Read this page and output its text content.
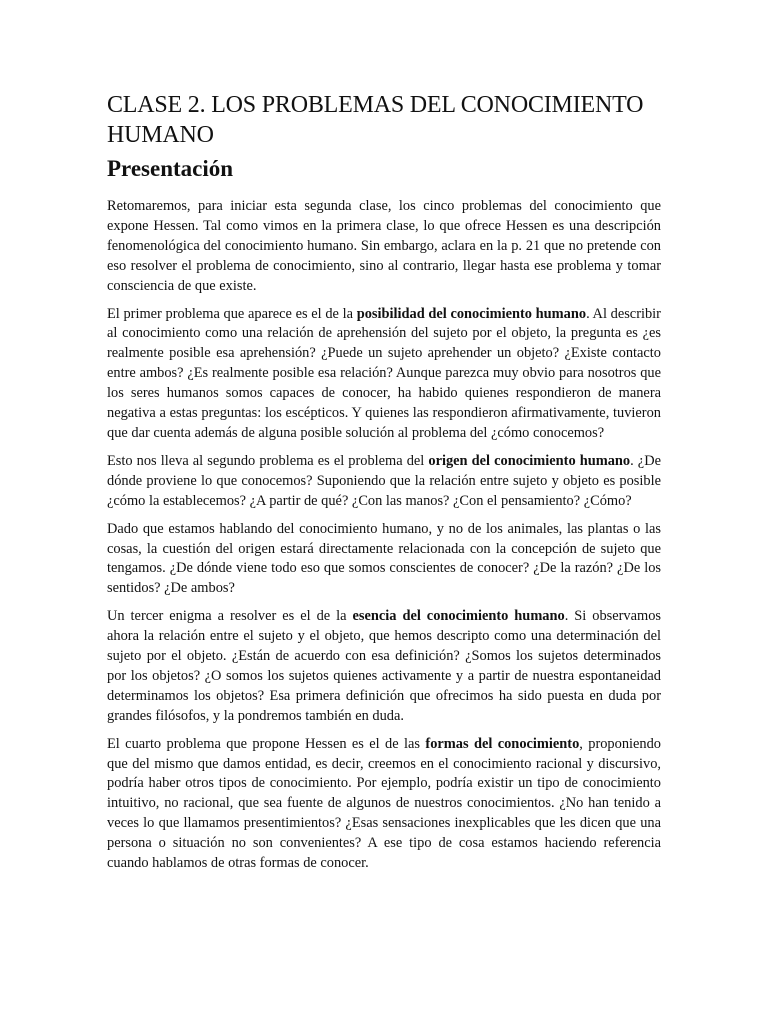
CLASE 2. LOS PROBLEMAS DEL CONOCIMIENTO HUMANO
Presentación

Retomaremos, para iniciar esta segunda clase, los cinco problemas del conocimiento que expone Hessen. Tal como vimos en la primera clase, lo que ofrece Hessen es una descripción fenomenológica del conocimiento humano. Sin embargo, aclara en la p. 21 que no pretende con eso resolver el problema de conocimiento, sino al contrario, llegar hasta ese problema y tomar consciencia de que existe.

El primer problema que aparece es el de la posibilidad del conocimiento humano. Al describir al conocimiento como una relación de aprehensión del sujeto por el objeto, la pregunta es ¿es realmente posible esa aprehensión? ¿Puede un sujeto aprehender un objeto? ¿Existe contacto entre ambos? ¿Es realmente posible esa relación? Aunque parezca muy obvio para nosotros que los seres humanos somos capaces de conocer, ha habido quienes respondieron de manera negativa a estas preguntas: los escépticos. Y quienes las respondieron afirmativamente, tuvieron que dar cuenta además de alguna posible solución al problema del ¿cómo conocemos?

Esto nos lleva al segundo problema es el problema del origen del conocimiento humano. ¿De dónde proviene lo que conocemos? Suponiendo que la relación entre sujeto y objeto es posible ¿cómo la establecemos? ¿A partir de qué? ¿Con las manos? ¿Con el pensamiento? ¿Cómo?

Dado que estamos hablando del conocimiento humano, y no de los animales, las plantas o las cosas, la cuestión del origen estará directamente relacionada con la concepción de sujeto que tengamos. ¿De dónde viene todo eso que somos conscientes de conocer? ¿De la razón? ¿De los sentidos? ¿De ambos?

Un tercer enigma a resolver es el de la esencia del conocimiento humano. Si observamos ahora la relación entre el sujeto y el objeto, que hemos descripto como una determinación del sujeto por el objeto. ¿Están de acuerdo con esa definición? ¿Somos los sujetos determinados por los objetos? ¿O somos los sujetos quienes activamente y a partir de nuestra espontaneidad determinamos los objetos? Esa primera definición que ofrecimos ha sido puesta en duda por grandes filósofos, y la pondremos también en duda.

El cuarto problema que propone Hessen es el de las formas del conocimiento, proponiendo que del mismo que damos entidad, es decir, creemos en el conocimiento racional y discursivo, podría haber otros tipos de conocimiento. Por ejemplo, podría existir un tipo de conocimiento intuitivo, no racional, que sea fuente de algunos de nuestros conocimientos. ¿No han tenido a veces lo que llamamos presentimientos? ¿Esas sensaciones inexplicables que les dicen que una persona o situación no son convenientes? A ese tipo de cosa estamos haciendo referencia cuando hablamos de otras formas de conocer.
